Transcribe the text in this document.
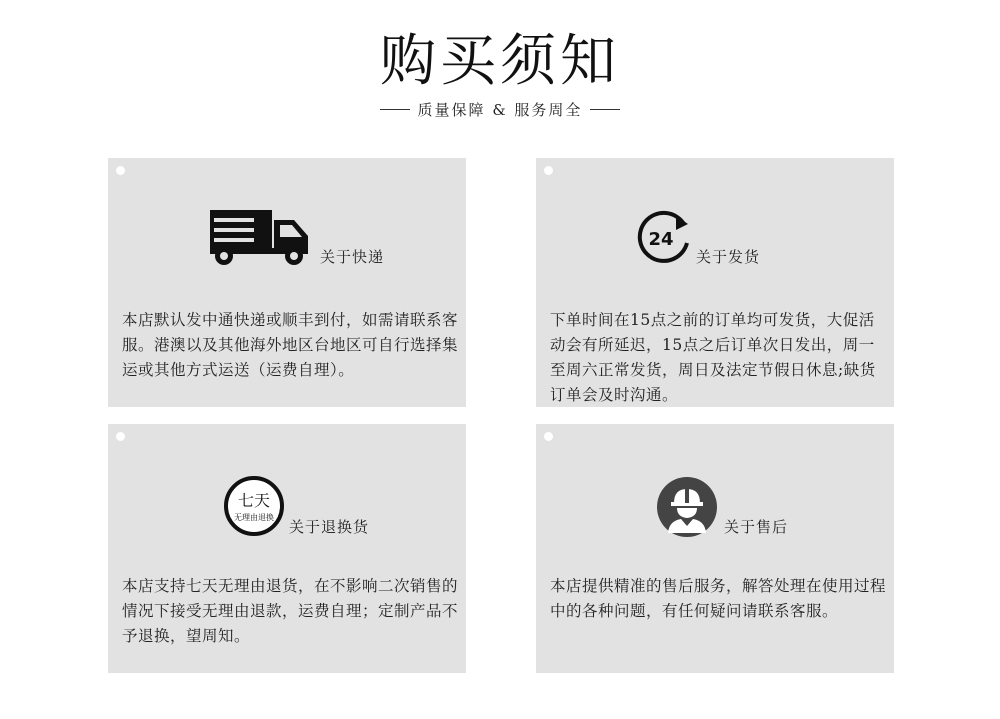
购买须知
质量保障 & 服务周全
关于快递
本店默认发中通快递或顺丰到付，如需请联系客服。港澳以及其他海外地区台地区可自行选择集运或其他方式运送（运费自理）。
24
关于发货
下单时间在15点之前的订单均可发货，大促活动会有所延迟，15点之后订单次日发出，周一至周六正常发货，周日及法定节假日休息;缺货订单会及时沟通。
七天
无理由退换
关于退换货
本店支持七天无理由退货，在不影响二次销售的情况下接受无理由退款，运费自理；定制产品不予退换，望周知。
关于售后
本店提供精准的售后服务，解答处理在使用过程中的各种问题，有任何疑问请联系客服。
